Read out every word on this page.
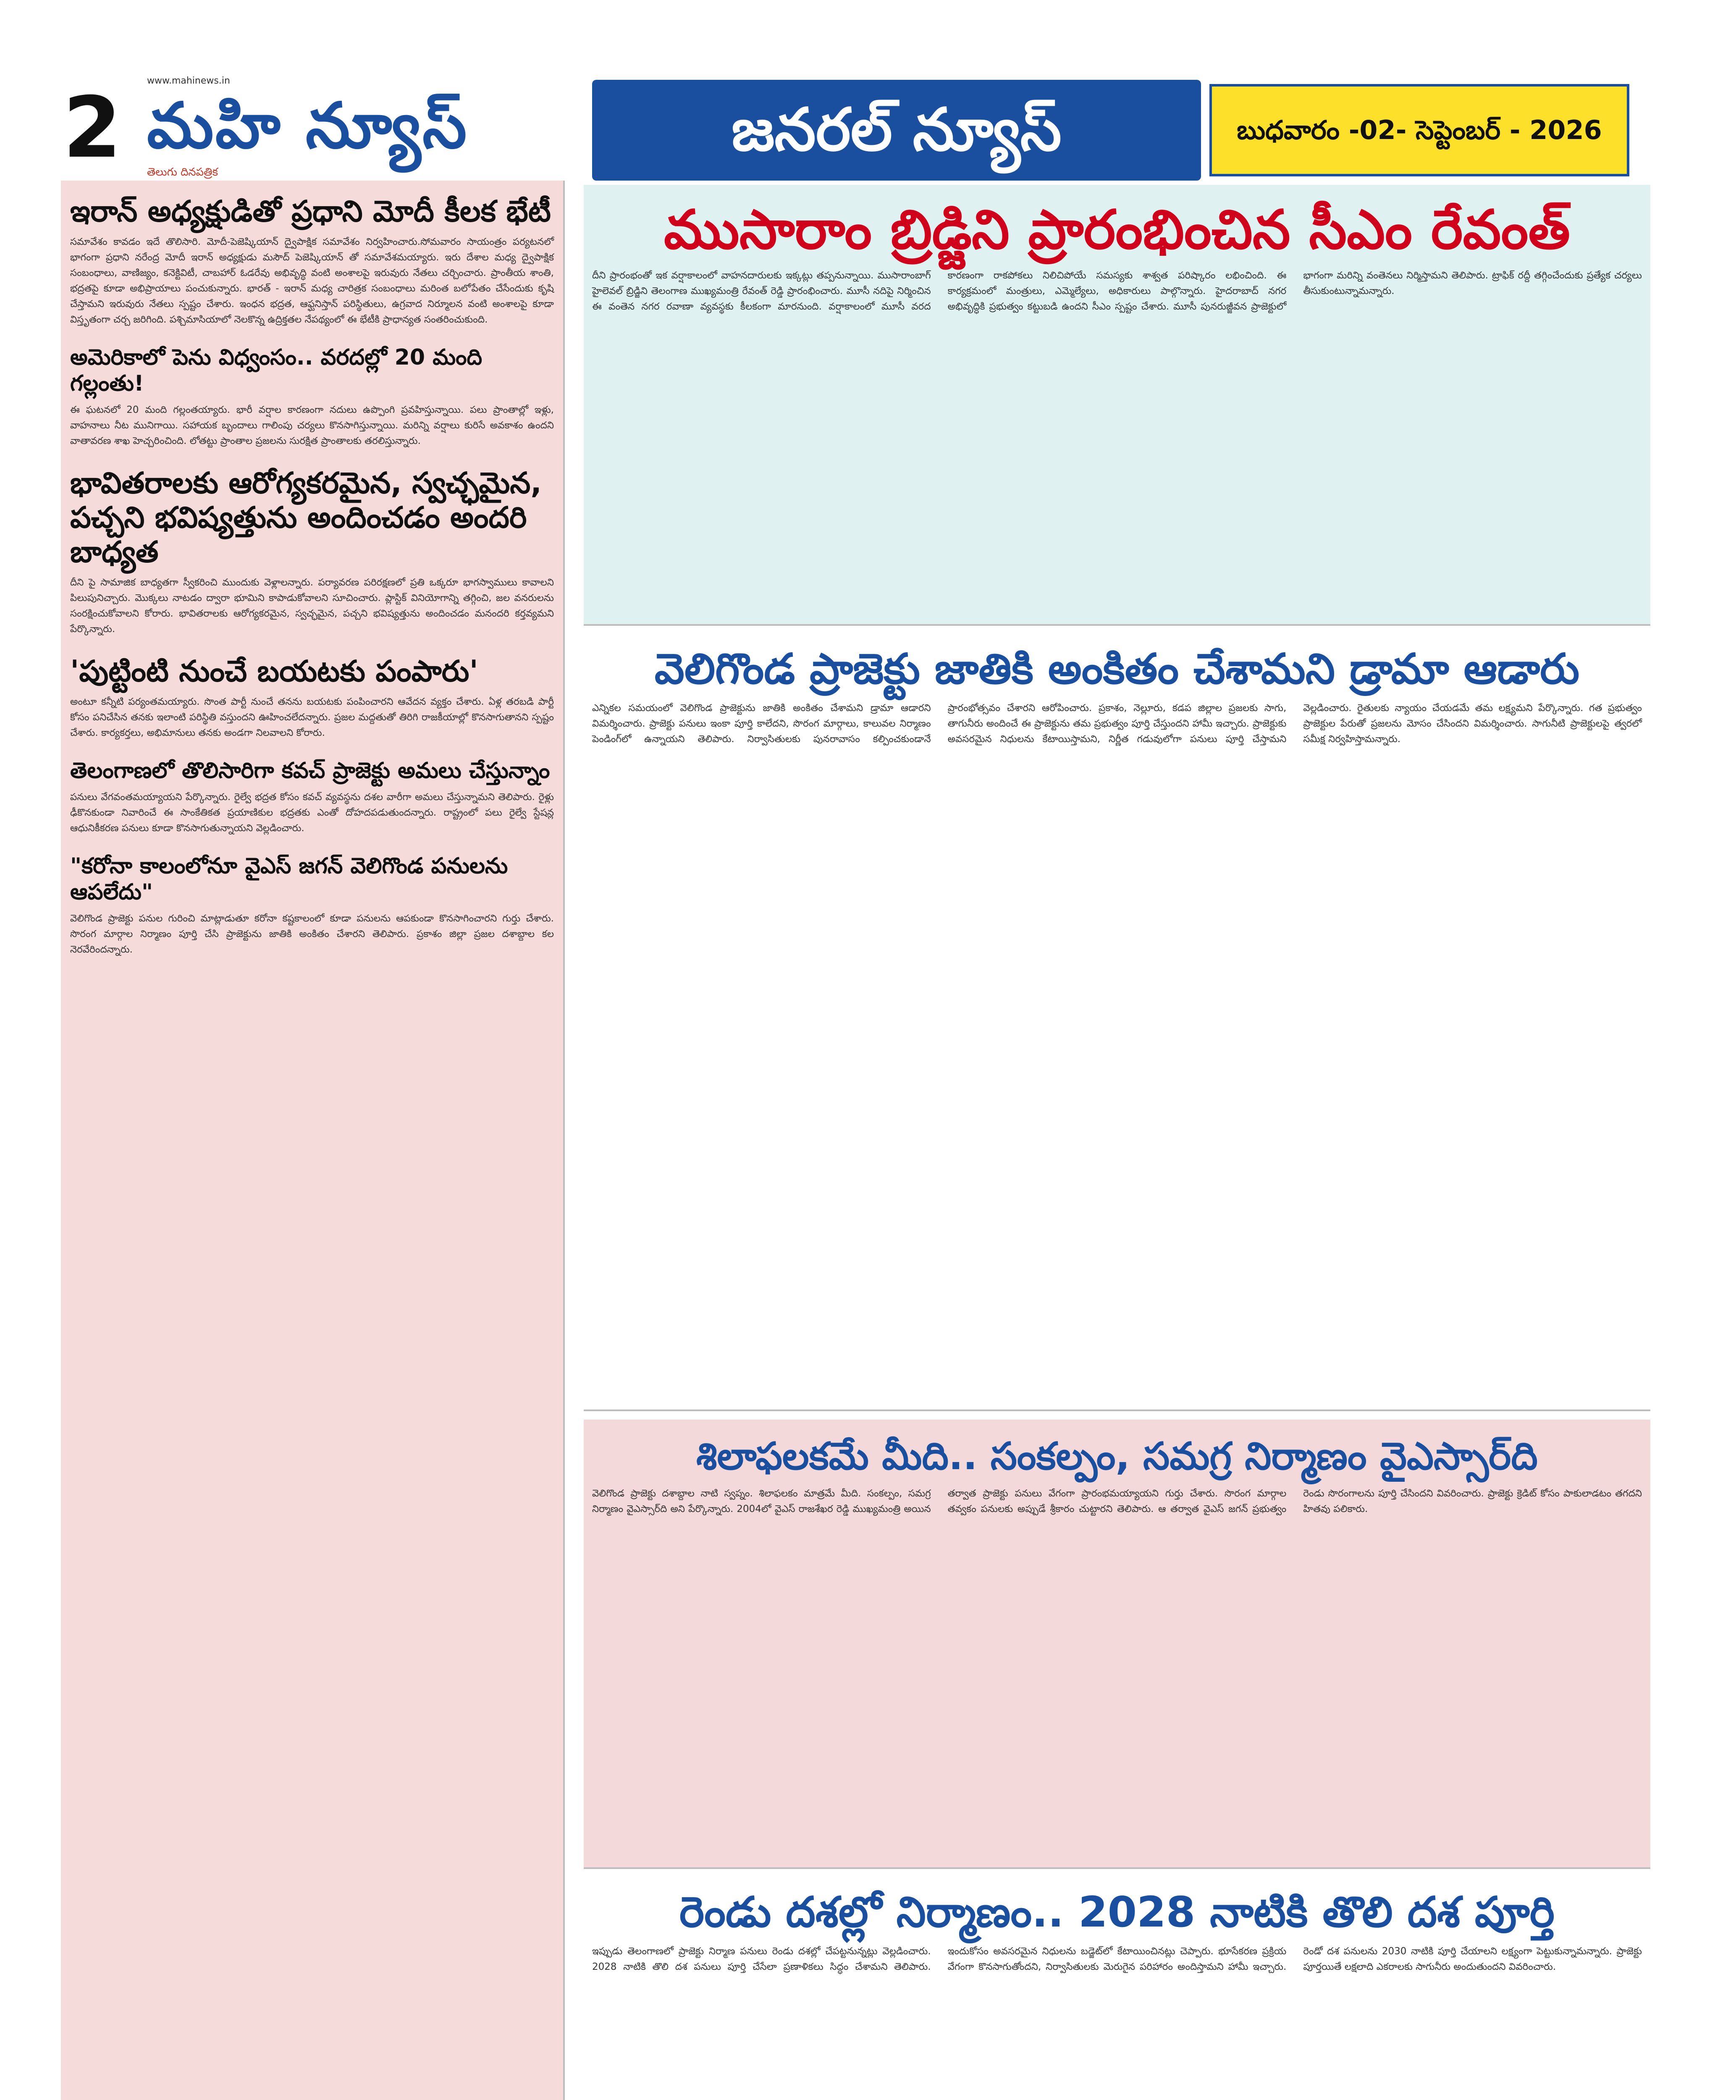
2	www.mahinews.in
మహి న్యూస్
తెలుగు దినపత్రిక
జనరల్ న్యూస్	బుధవారం -02- సెప్టెంబర్ - 2026
ఇరాన్ అధ్యక్షుడితో ప్రధాని మోదీ కీలక భేటీ
సమావేశం కావడం ఇదే తొలిసారి. మోదీ-పెజెష్కియాన్ ద్వైపాక్షిక సమావేశం నిర్వహించారు.సోమవారం సాయంత్రం పర్యటనలో భాగంగా ప్రధాని నరేంద్ర మోదీ ఇరాన్ అధ్యక్షుడు మసౌద్ పెజెష్కియాన్ తో సమావేశమయ్యారు. ఇరు దేశాల మధ్య ద్వైపాక్షిక సంబంధాలు, వాణిజ్యం, కనెక్టివిటీ, చాబహార్ ఓడరేవు అభివృద్ధి వంటి అంశాలపై ఇరువురు నేతలు చర్చించారు. ప్రాంతీయ శాంతి, భద్రతపై కూడా అభిప్రాయాలు పంచుకున్నారు. భారత్ - ఇరాన్ మధ్య చారిత్రక సంబంధాలు మరింత బలోపేతం చేసేందుకు కృషి చేస్తామని ఇరువురు నేతలు స్పష్టం చేశారు. ఇంధన భద్రత, ఆఫ్ఘనిస్తాన్ పరిస్థితులు, ఉగ్రవాద నిర్మూలన వంటి అంశాలపై కూడా విస్తృతంగా చర్చ జరిగింది. పశ్చిమాసియాలో నెలకొన్న ఉద్రిక్తతల నేపథ్యంలో ఈ భేటీకి ప్రాధాన్యత సంతరించుకుంది.
అమెరికాలో పెను విధ్వంసం.. వరదల్లో 20 మంది గల్లంతు!
ఈ ఘటనలో 20 మంది గల్లంతయ్యారు. భారీ వర్షాల కారణంగా నదులు ఉప్పొంగి ప్రవహిస్తున్నాయి. పలు ప్రాంతాల్లో ఇళ్లు, వాహనాలు నీట మునిగాయి. సహాయక బృందాలు గాలింపు చర్యలు కొనసాగిస్తున్నాయి. మరిన్ని వర్షాలు కురిసే అవకాశం ఉందని వాతావరణ శాఖ హెచ్చరించింది. లోతట్టు ప్రాంతాల ప్రజలను సురక్షిత ప్రాంతాలకు తరలిస్తున్నారు.
భావితరాలకు ఆరోగ్యకరమైన, స్వచ్ఛమైన, పచ్చని భవిష్యత్తును అందించడం అందరి బాధ్యత
దీని పై సామాజిక బాధ్యతగా స్వీకరించి ముందుకు వెళ్లాలన్నారు. పర్యావరణ పరిరక్షణలో ప్రతి ఒక్కరూ భాగస్వాములు కావాలని పిలుపునిచ్చారు. మొక్కలు నాటడం ద్వారా భూమిని కాపాడుకోవాలని సూచించారు. ప్లాస్టిక్ వినియోగాన్ని తగ్గించి, జల వనరులను సంరక్షించుకోవాలని కోరారు. భావితరాలకు ఆరోగ్యకరమైన, స్వచ్ఛమైన, పచ్చని భవిష్యత్తును అందించడం మనందరి కర్తవ్యమని పేర్కొన్నారు.
'పుట్టింటి నుంచే బయటకు పంపారు'
అంటూ కన్నీటి పర్యంతమయ్యారు. సొంత పార్టీ నుంచే తనను బయటకు పంపించారని ఆవేదన వ్యక్తం చేశారు. ఏళ్ల తరబడి పార్టీ కోసం పనిచేసిన తనకు ఇలాంటి పరిస్థితి వస్తుందని ఊహించలేదన్నారు. ప్రజల మద్దతుతో తిరిగి రాజకీయాల్లో కొనసాగుతానని స్పష్టం చేశారు. కార్యకర్తలు, అభిమానులు తనకు అండగా నిలవాలని కోరారు.
తెలంగాణలో తొలిసారిగా కవచ్ ప్రాజెక్టు అమలు చేస్తున్నాం
పనులు వేగవంతమయ్యాయని పేర్కొన్నారు. రైల్వే భద్రత కోసం కవచ్ వ్యవస్థను దశల వారీగా అమలు చేస్తున్నామని తెలిపారు. రైళ్లు ఢీకొనకుండా నివారించే ఈ సాంకేతికత ప్రయాణికుల భద్రతకు ఎంతో దోహదపడుతుందన్నారు. రాష్ట్రంలో పలు రైల్వే స్టేషన్ల ఆధునికీకరణ పనులు కూడా కొనసాగుతున్నాయని వెల్లడించారు.
"కరోనా కాలంలోనూ వైఎస్ జగన్ వెలిగొండ పనులను ఆపలేదు"
వెలిగొండ ప్రాజెక్టు పనుల గురించి మాట్లాడుతూ కరోనా కష్టకాలంలో కూడా పనులను ఆపకుండా కొనసాగించారని గుర్తు చేశారు. సొరంగ మార్గాల నిర్మాణం పూర్తి చేసి ప్రాజెక్టును జాతికి అంకితం చేశారని తెలిపారు. ప్రకాశం జిల్లా ప్రజల దశాబ్దాల కల నెరవేరిందన్నారు.
ముసారాం బ్రిడ్జిని ప్రారంభించిన సీఎం రేవంత్
దీని ప్రారంభంతో ఇక వర్షాకాలంలో వాహనదారులకు ఇక్కట్లు తప్పనున్నాయి. ముసారాంబాగ్ హైలెవల్ బ్రిడ్జిని తెలంగాణ ముఖ్యమంత్రి రేవంత్ రెడ్డి ప్రారంభించారు. మూసీ నదిపై నిర్మించిన ఈ వంతెన నగర రవాణా వ్యవస్థకు కీలకంగా మారనుంది. వర్షాకాలంలో మూసీ వరద కారణంగా రాకపోకలు నిలిచిపోయే సమస్యకు శాశ్వత పరిష్కారం లభించింది. ఈ కార్యక్రమంలో మంత్రులు, ఎమ్మెల్యేలు, అధికారులు పాల్గొన్నారు. హైదరాబాద్ నగర అభివృద్ధికి ప్రభుత్వం కట్టుబడి ఉందని సీఎం స్పష్టం చేశారు. మూసీ పునరుజ్జీవన ప్రాజెక్టులో భాగంగా మరిన్ని వంతెనలు నిర్మిస్తామని తెలిపారు. ట్రాఫిక్ రద్దీ తగ్గించేందుకు ప్రత్యేక చర్యలు తీసుకుంటున్నామన్నారు.
వెలిగొండ ప్రాజెక్టు జాతికి అంకితం చేశామని డ్రామా ఆడారు
ఎన్నికల సమయంలో వెలిగొండ ప్రాజెక్టును జాతికి అంకితం చేశామని డ్రామా ఆడారని విమర్శించారు. ప్రాజెక్టు పనులు ఇంకా పూర్తి కాలేదని, సొరంగ మార్గాలు, కాలువల నిర్మాణం పెండింగ్‌లో ఉన్నాయని తెలిపారు. నిర్వాసితులకు పునరావాసం కల్పించకుండానే ప్రారంభోత్సవం చేశారని ఆరోపించారు. ప్రకాశం, నెల్లూరు, కడప జిల్లాల ప్రజలకు సాగు, తాగునీరు అందించే ఈ ప్రాజెక్టును తమ ప్రభుత్వం పూర్తి చేస్తుందని హామీ ఇచ్చారు. ప్రాజెక్టుకు అవసరమైన నిధులను కేటాయిస్తామని, నిర్ణీత గడువులోగా పనులు పూర్తి చేస్తామని వెల్లడించారు. రైతులకు న్యాయం చేయడమే తమ లక్ష్యమని పేర్కొన్నారు. గత ప్రభుత్వం ప్రాజెక్టుల పేరుతో ప్రజలను మోసం చేసిందని విమర్శించారు. సాగునీటి ప్రాజెక్టులపై త్వరలో సమీక్ష నిర్వహిస్తామన్నారు.
శిలాఫలకమే మీది.. సంకల్పం, సమగ్ర నిర్మాణం వైఎస్సార్‌ది
వెలిగొండ ప్రాజెక్టు దశాబ్దాల నాటి స్వప్నం. శిలాఫలకం మాత్రమే మీది. సంకల్పం, సమగ్ర నిర్మాణం వైఎస్సార్‌ది అని పేర్కొన్నారు. 2004లో వైఎస్ రాజశేఖర రెడ్డి ముఖ్యమంత్రి అయిన తర్వాత ప్రాజెక్టు పనులు వేగంగా ప్రారంభమయ్యాయని గుర్తు చేశారు. సొరంగ మార్గాల తవ్వకం పనులకు అప్పుడే శ్రీకారం చుట్టారని తెలిపారు. ఆ తర్వాత వైఎస్ జగన్ ప్రభుత్వం రెండు సొరంగాలను పూర్తి చేసిందని వివరించారు. ప్రాజెక్టు క్రెడిట్ కోసం పాకులాడటం తగదని హితవు పలికారు.
రెండు దశల్లో నిర్మాణం.. 2028 నాటికి తొలి దశ పూర్తి
ఇప్పుడు తెలంగాణలో ప్రాజెక్టు నిర్మాణ పనులు రెండు దశల్లో చేపట్టనున్నట్లు వెల్లడించారు. 2028 నాటికి తొలి దశ పనులు పూర్తి చేసేలా ప్రణాళికలు సిద్ధం చేశామని తెలిపారు. ఇందుకోసం అవసరమైన నిధులను బడ్జెట్‌లో కేటాయించినట్లు చెప్పారు. భూసేకరణ ప్రక్రియ వేగంగా కొనసాగుతోందని, నిర్వాసితులకు మెరుగైన పరిహారం అందిస్తామని హామీ ఇచ్చారు. రెండో దశ పనులను 2030 నాటికి పూర్తి చేయాలని లక్ష్యంగా పెట్టుకున్నామన్నారు. ప్రాజెక్టు పూర్తయితే లక్షలాది ఎకరాలకు సాగునీరు అందుతుందని వివరించారు.
